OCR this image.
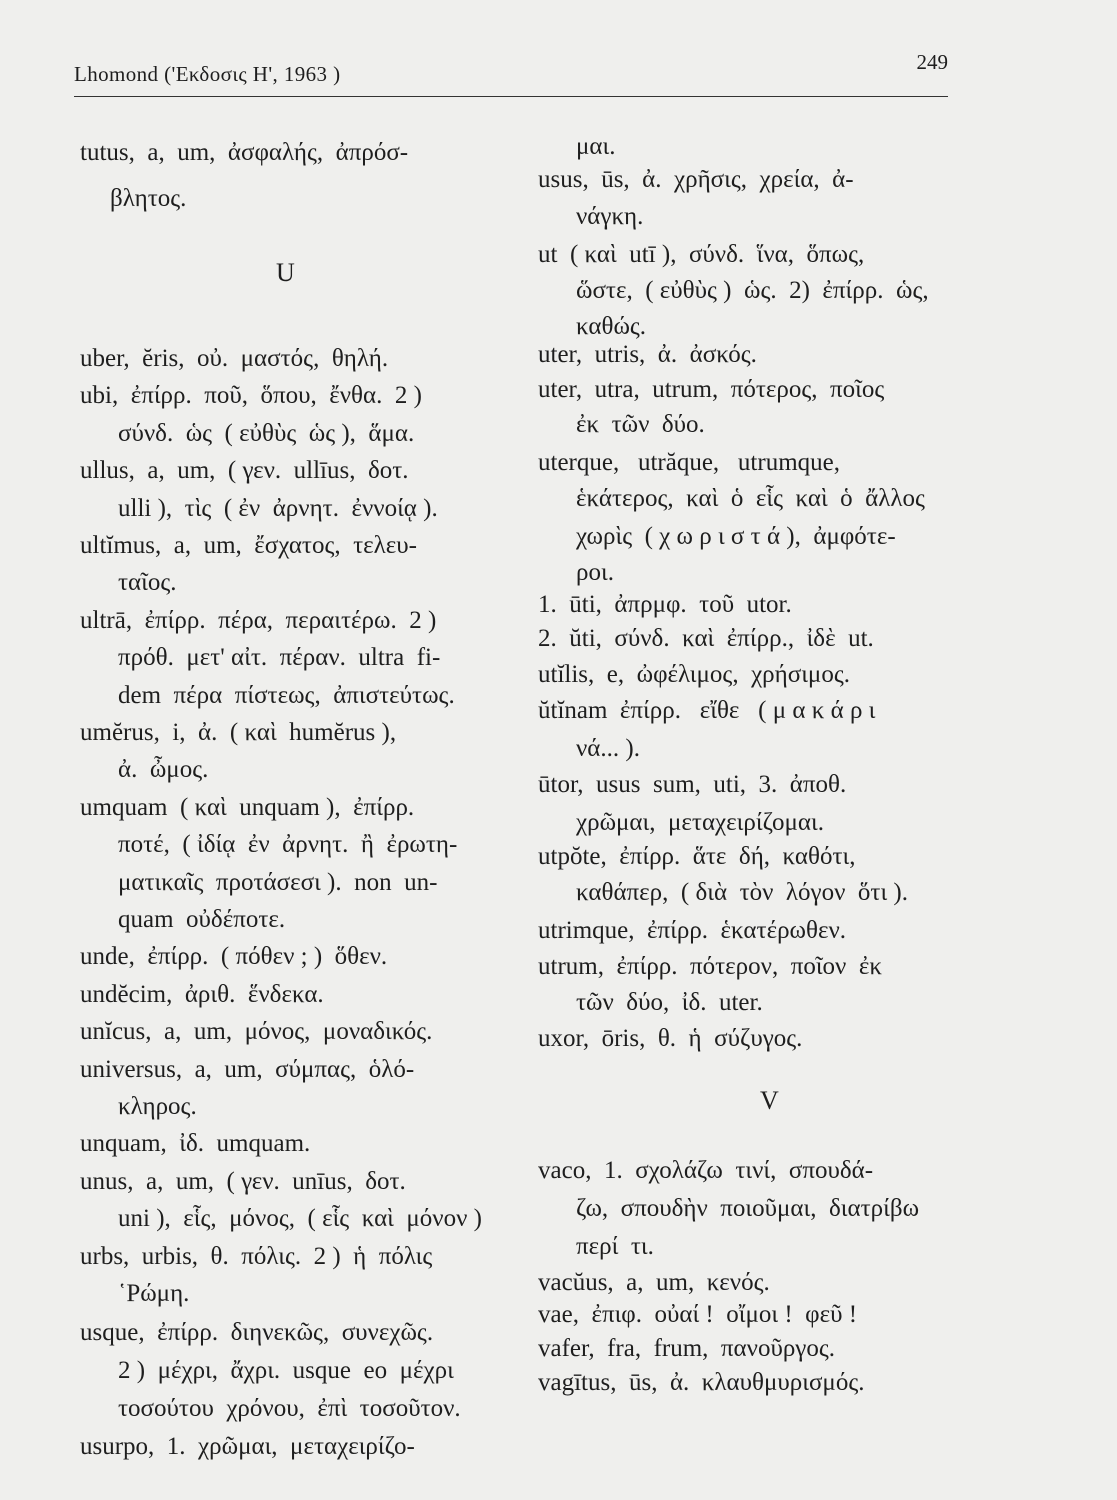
Lhomond ('Eκδοσις H', 1963 )	249
tutus,  a,  um,  ἀσφαλής,  ἀπρόσ-
βλητος.
U
uber,  ĕris,  οὐ.  μαστός,  θηλή.
ubi,  ἐπίρρ.  ποῦ,  ὅπου,  ἔνθα.  2 )
σύνδ.  ὡς  ( εὐθὺς  ὡς ),  ἅμα.
ullus,  a,  um,  ( γεν.  ullīus,  δοτ.
ulli ),  τὶς  ( ἐν  ἀρνητ.  ἐννοίᾳ ).
ultĭmus,  a,  um,  ἔσχατος,  τελευ-
ταῖος.
ultrā,  ἐπίρρ.  πέρα,  περαιτέρω.  2 )
πρόθ.  μετ' αἰτ.  πέραν.  ultra  fi-
dem  πέρα  πίστεως,  ἀπιστεύτως.
umĕrus,  i,  ἀ.  ( καὶ  humĕrus ),
ἀ.  ὦμος.
umquam  ( καὶ  unquam ),  ἐπίρρ.
ποτέ,  ( ἰδίᾳ  ἐν  ἀρνητ.  ἢ  ἐρωτη-
ματικαῖς  προτάσεσι ).  non  un-
quam  οὐδέποτε.
unde,  ἐπίρρ.  ( πόθεν ; )  ὅθεν.
undĕcim,  ἀριθ.  ἕνδεκα.
unĭcus,  a,  um,  μόνος,  μοναδικός.
universus,  a,  um,  σύμπας,  ὁλό-
κληρος.
unquam,  ἰδ.  umquam.
unus,  a,  um,  ( γεν.  unīus,  δοτ.
uni ),  εἷς,  μόνος,  ( εἷς  καὶ  μόνον )
urbs,  urbis,  θ.  πόλις.  2 )  ἡ  πόλις
῾Ρώμη.
usque,  ἐπίρρ.  διηνεκῶς,  συνεχῶς.
2 )  μέχρι,  ἄχρι.  usque  eo  μέχρι
τοσούτου  χρόνου,  ἐπὶ  τοσοῦτον.
usurpo,  1.  χρῶμαι,  μεταχειρίζο-
μαι.
usus,  ūs,  ἀ.  χρῆσις,  χρεία,  ἀ-
νάγκη.
ut  ( καὶ  utī ),  σύνδ.  ἵνα,  ὅπως,
ὥστε,  ( εὐθὺς )  ὡς.  2)  ἐπίρρ.  ὡς,
καθώς.
uter,  utris,  ἀ.  ἀσκός.
uter,  utra,  utrum,  πότερος,  ποῖος
ἐκ  τῶν  δύο.
uterque,   utrăque,   utrumque,
ἑκάτερος,  καὶ  ὁ  εἷς  καὶ  ὁ  ἄλλος
χωρὶς  ( χ ω ρ ι σ τ ά ),  ἀμφότε-
ροι.
1.  ūti,  ἀπρμφ.  τοῦ  utor.
2.  ŭti,  σύνδ.  καὶ  ἐπίρρ.,  ἰδὲ  ut.
utĭlis,  e,  ὠφέλιμος,  χρήσιμος.
ŭtĭnam  ἐπίρρ.   εἴθε   ( μ α κ ά ρ ι
νά... ).
ūtor,  usus  sum,  uti,  3.  ἀποθ.
χρῶμαι,  μεταχειρίζομαι.
utpŏte,  ἐπίρρ.  ἅτε  δή,  καθότι,
καθάπερ,  ( διὰ  τὸν  λόγον  ὅτι ).
utrimque,  ἐπίρρ.  ἑκατέρωθεν.
utrum,  ἐπίρρ.  πότερον,  ποῖον  ἐκ
τῶν  δύο,  ἰδ.  uter.
uxor,  ōris,  θ.  ἡ  σύζυγος.
V
vaco,  1.  σχολάζω  τινί,  σπουδά-
ζω,  σπουδὴν  ποιοῦμαι,  διατρίβω
περί  τι.
vacŭus,  a,  um,  κενός.
vae,  ἐπιφ.  οὐαί !  οἴμοι !  φεῦ !
vafer,  fra,  frum,  πανοῦργος.
vagītus,  ūs,  ἀ.  κλαυθμυρισμός.
